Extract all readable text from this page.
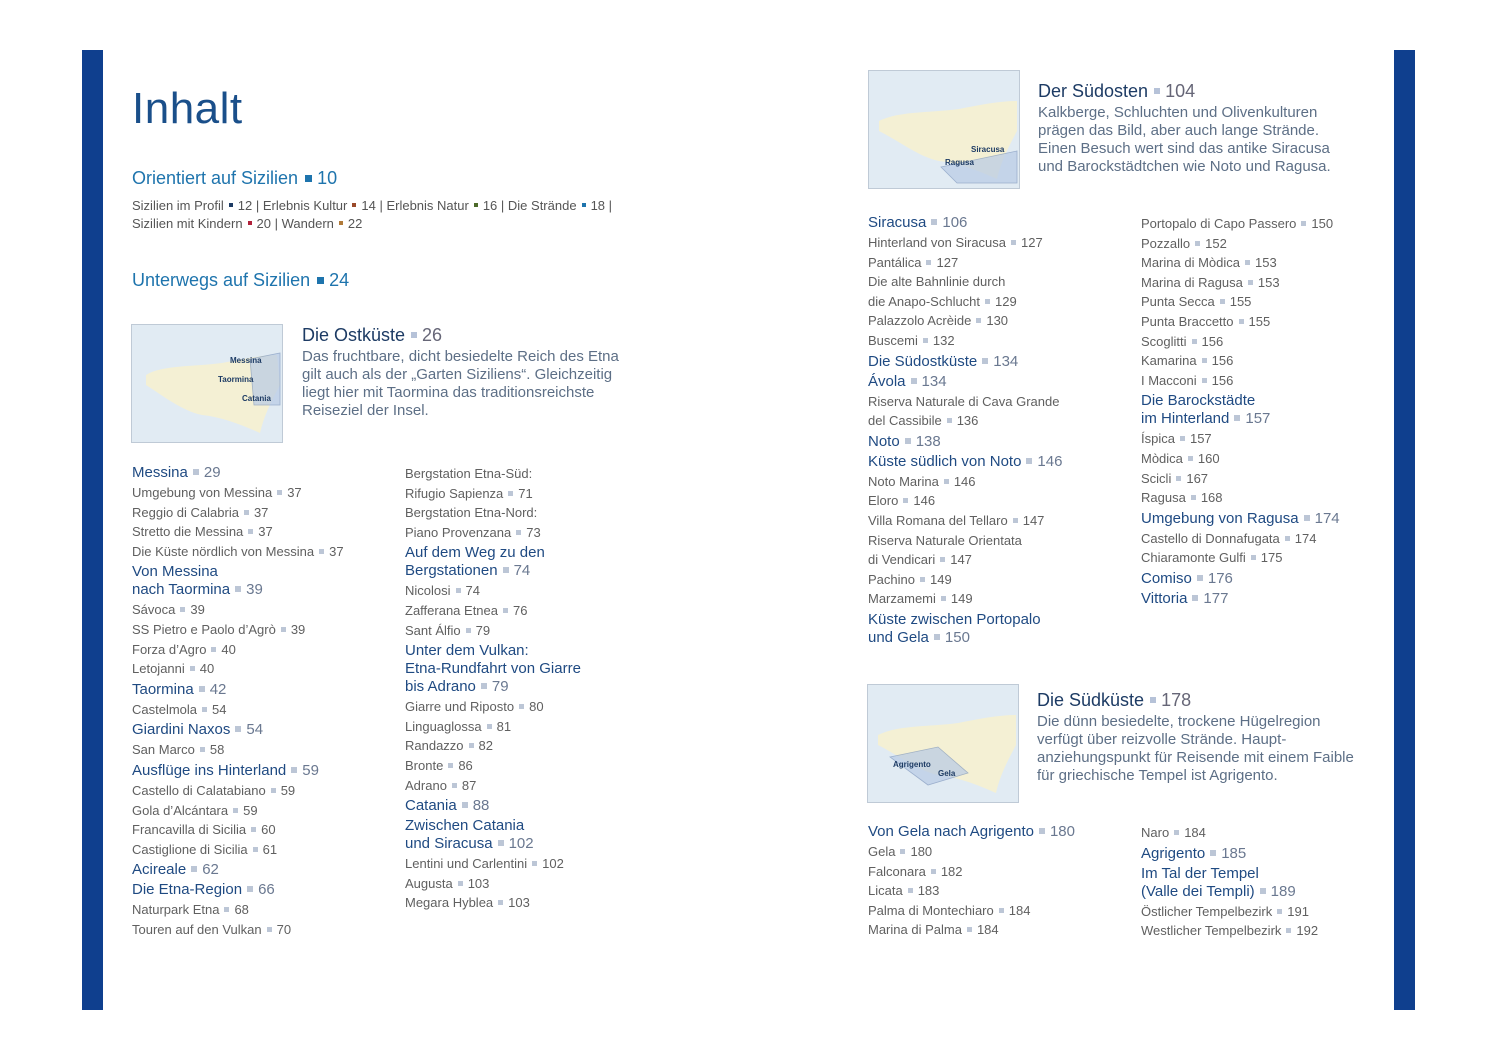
Inhalt
Orientiert auf Sizilien 10
Sizilien im Profil 12 | Erlebnis Kultur 14 | Erlebnis Natur 16 | Die Strände 18 |
Sizilien mit Kindern 20 | Wandern 22
Unterwegs auf Sizilien 24
Messina
Taormina
Catania
Die Ostküste 26
Das fruchtbare, dicht besiedelte Reich des Etna gilt auch als der „Garten Siziliens“. Gleichzeitig liegt hier mit Taormina das traditionsreichste Reiseziel der Insel.
Siracusa
Ragusa
Der Südosten 104
Kalkberge, Schluchten und Olivenkulturen prägen das Bild, aber auch lange Strände. Einen Besuch wert sind das antike Siracusa und Barockstädtchen wie Noto und Ragusa.
Agrigento
Gela
Die Südküste 178
Die dünn besiedelte, trockene Hügelregion verfügt über reizvolle Strände. Hauptanziehungspunkt für Reisende mit einem Faible für griechische Tempel ist Agrigento.
Messina 29
Umgebung von Messina 37
Reggio di Calabria 37
Stretto die Messina 37
Die Küste nördlich von Messina 37
Von Messina
nach Taormina 39
Sávoca 39
SS Pietro e Paolo d’Agrò 39
Forza d’Agro 40
Letojanni 40
Taormina 42
Castelmola 54
Giardini Naxos 54
San Marco 58
Ausflüge ins Hinterland 59
Castello di Calatabiano 59
Gola d’Alcántara 59
Francavilla di Sicilia 60
Castiglione di Sicilia 61
Acireale 62
Die Etna-Region 66
Naturpark Etna 68
Touren auf den Vulkan 70
Bergstation Etna-Süd:
Rifugio Sapienza 71
Bergstation Etna-Nord:
Piano Provenzana 73
Auf dem Weg zu den
Bergstationen 74
Nicolosi 74
Zafferana Etnea 76
Sant Álfio 79
Unter dem Vulkan:
Etna-Rundfahrt von Giarre
bis Adrano 79
Giarre und Riposto 80
Linguaglossa 81
Randazzo 82
Bronte 86
Adrano 87
Catania 88
Zwischen Catania
und Siracusa 102
Lentini und Carlentini 102
Augusta 103
Megara Hyblea 103
Siracusa 106
Hinterland von Siracusa 127
Pantálica 127
Die alte Bahnlinie durch
die Anapo-Schlucht 129
Palazzolo Acrèide 130
Buscemi 132
Die Südostküste 134
Ávola 134
Riserva Naturale di Cava Grande
del Cassibile 136
Noto 138
Küste südlich von Noto 146
Noto Marina 146
Eloro 146
Villa Romana del Tellaro 147
Riserva Naturale Orientata
di Vendicari 147
Pachino 149
Marzamemi 149
Küste zwischen Portopalo
und Gela 150
Portopalo di Capo Passero 150
Pozzallo 152
Marina di Mòdica 153
Marina di Ragusa 153
Punta Secca 155
Punta Braccetto 155
Scoglitti 156
Kamarina 156
I Macconi 156
Die Barockstädte
im Hinterland 157
Íspica 157
Mòdica 160
Scicli 167
Ragusa 168
Umgebung von Ragusa 174
Castello di Donnafugata 174
Chiaramonte Gulfi 175
Comiso 176
Vittoria 177
Von Gela nach Agrigento 180
Gela 180
Falconara 182
Licata 183
Palma di Montechiaro 184
Marina di Palma 184
Naro 184
Agrigento 185
Im Tal der Tempel
(Valle dei Templi) 189
Östlicher Tempelbezirk 191
Westlicher Tempelbezirk 192
